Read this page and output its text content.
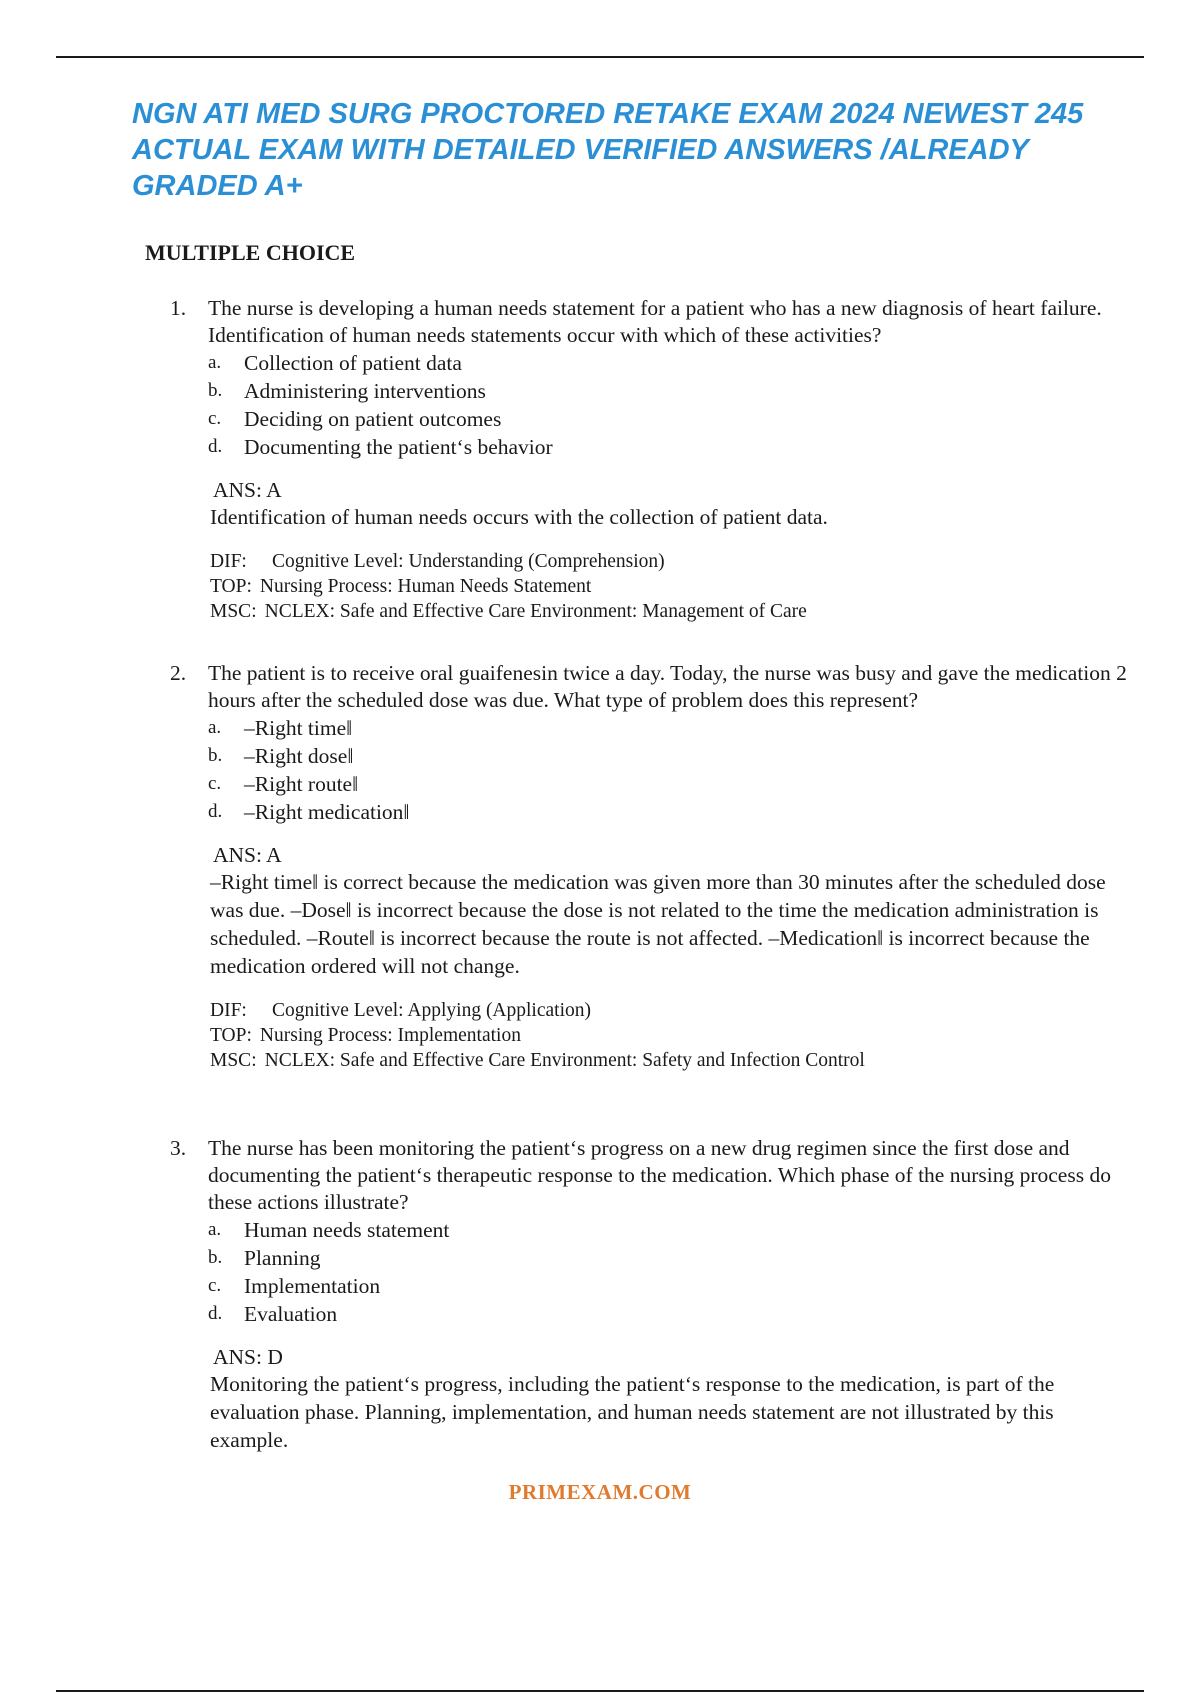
NGN ATI MED SURG PROCTORED RETAKE EXAM 2024 NEWEST 245 ACTUAL EXAM WITH DETAILED VERIFIED ANSWERS /ALREADY GRADED A+
MULTIPLE CHOICE
1.	The nurse is developing a human needs statement for a patient who has a new diagnosis of heart failure. Identification of human needs statements occur with which of these activities?
a.	Collection of patient data
b.	Administering interventions
c.	Deciding on patient outcomes
d.	Documenting the patient‘s behavior
ANS: A
Identification of human needs occurs with the collection of patient data.
DIF: Cognitive Level: Understanding (Comprehension)
TOP: Nursing Process: Human Needs Statement
MSC: NCLEX: Safe and Effective Care Environment: Management of Care
2.	The patient is to receive oral guaifenesin twice a day. Today, the nurse was busy and gave the medication 2 hours after the scheduled dose was due. What type of problem does this represent?
a.	–Right time‖
b.	–Right dose‖
c.	–Right route‖
d.	–Right medication‖
ANS: A
–Right time‖ is correct because the medication was given more than 30 minutes after the scheduled dose was due. –Dose‖ is incorrect because the dose is not related to the time the medication administration is scheduled. –Route‖ is incorrect because the route is not affected. –Medication‖ is incorrect because the medication ordered will not change.
DIF: Cognitive Level: Applying (Application)
TOP: Nursing Process: Implementation
MSC: NCLEX: Safe and Effective Care Environment: Safety and Infection Control
3.	The nurse has been monitoring the patient‘s progress on a new drug regimen since the first dose and documenting the patient‘s therapeutic response to the medication. Which phase of the nursing process do these actions illustrate?
a.	Human needs statement
b.	Planning
c.	Implementation
d.	Evaluation
ANS: D
Monitoring the patient‘s progress, including the patient‘s response to the medication, is part of the evaluation phase. Planning, implementation, and human needs statement are not illustrated by this example.
PRIMEXAM.COM
